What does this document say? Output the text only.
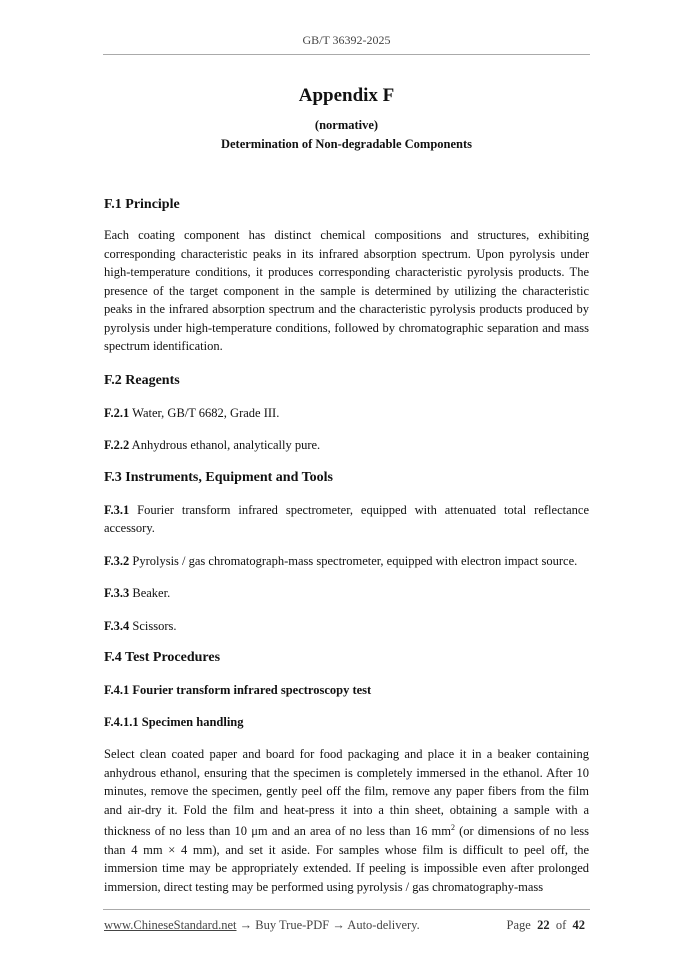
GB/T 36392-2025
Appendix F
(normative)
Determination of Non-degradable Components
F.1 Principle

Each coating component has distinct chemical compositions and structures, exhibiting corresponding characteristic peaks in its infrared absorption spectrum. Upon pyrolysis under high-temperature conditions, it produces corresponding characteristic pyrolysis products. The presence of the target component in the sample is determined by utilizing the characteristic peaks in the infrared absorption spectrum and the characteristic pyrolysis products produced by pyrolysis under high-temperature conditions, followed by chromatographic separation and mass spectrum identification.

F.2 Reagents

F.2.1 Water, GB/T 6682, Grade III.

F.2.2 Anhydrous ethanol, analytically pure.

F.3 Instruments, Equipment and Tools

F.3.1 Fourier transform infrared spectrometer, equipped with attenuated total reflectance accessory.

F.3.2 Pyrolysis / gas chromatograph-mass spectrometer, equipped with electron impact source.

F.3.3 Beaker.

F.3.4 Scissors.

F.4 Test Procedures
F.4.1 Fourier transform infrared spectroscopy test
F.4.1.1 Specimen handling

Select clean coated paper and board for food packaging and place it in a beaker containing anhydrous ethanol, ensuring that the specimen is completely immersed in the ethanol. After 10 minutes, remove the specimen, gently peel off the film, remove any paper fibers from the film and air-dry it. Fold the film and heat-press it into a thin sheet, obtaining a sample with a thickness of no less than 10 μm and an area of no less than 16 $mm^2$ (or dimensions of no less than 4 mm × 4 mm), and set it aside. For samples whose film is difficult to peel off, the immersion time may be appropriately extended. If peeling is impossible even after prolonged immersion, direct testing may be performed using pyrolysis / gas chromatography-mass

www.ChineseStandard.net → Buy True-PDF → Auto-delivery.	Page 22 of 42
